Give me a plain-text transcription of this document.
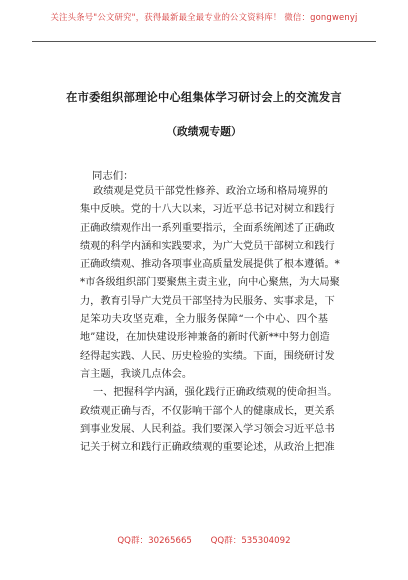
关注头条号"公文研究"，获得最新最全最专业的公文资料库！ 微信：gongwenyj
在市委组织部理论中心组集体学习研讨会上的交流发言
（政绩观专题）
同志们：
政绩观是党员干部党性修养、政治立场和格局境界的
集中反映。党的十八大以来，习近平总书记对树立和践行
正确政绩观作出一系列重要指示，全面系统阐述了正确政
绩观的科学内涵和实践要求，为广大党员干部树立和践行
正确政绩观、推动各项事业高质量发展提供了根本遵循。*
*市各级组织部门要聚焦主责主业，向中心聚焦，为大局聚
力，教育引导广大党员干部坚持为民服务、实事求是，下
足笨功夫攻坚克难，全力服务保障“一个中心、四个基
地”建设，在加快建设形神兼备的新时代新**中努力创造
经得起实践、人民、历史检验的实绩。下面，围绕研讨发
言主题，我谈几点体会。
一、把握科学内涵，强化践行正确政绩观的使命担当。
政绩观正确与否，不仅影响干部个人的健康成长，更关系
到事业发展、人民利益。我们要深入学习领会习近平总书
记关于树立和践行正确政绩观的重要论述，从政治上把准
QQ群：30265665 QQ群：535304092
